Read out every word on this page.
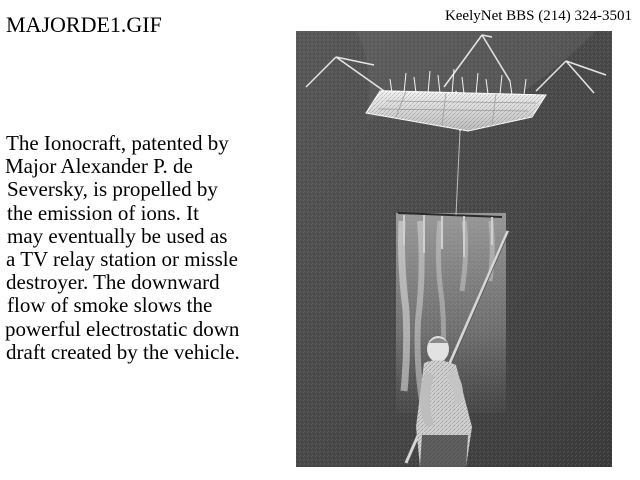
MAJORDE1.GIF	KeelyNet BBS (214) 324-3501
The Ionocraft, patented by
Major Alexander P. de
Seversky, is propelled by
the emission of ions. It
may eventually be used as
a TV relay station or missle
destroyer. The downward
flow of smoke slows the
powerful electrostatic down
draft created by the vehicle.
